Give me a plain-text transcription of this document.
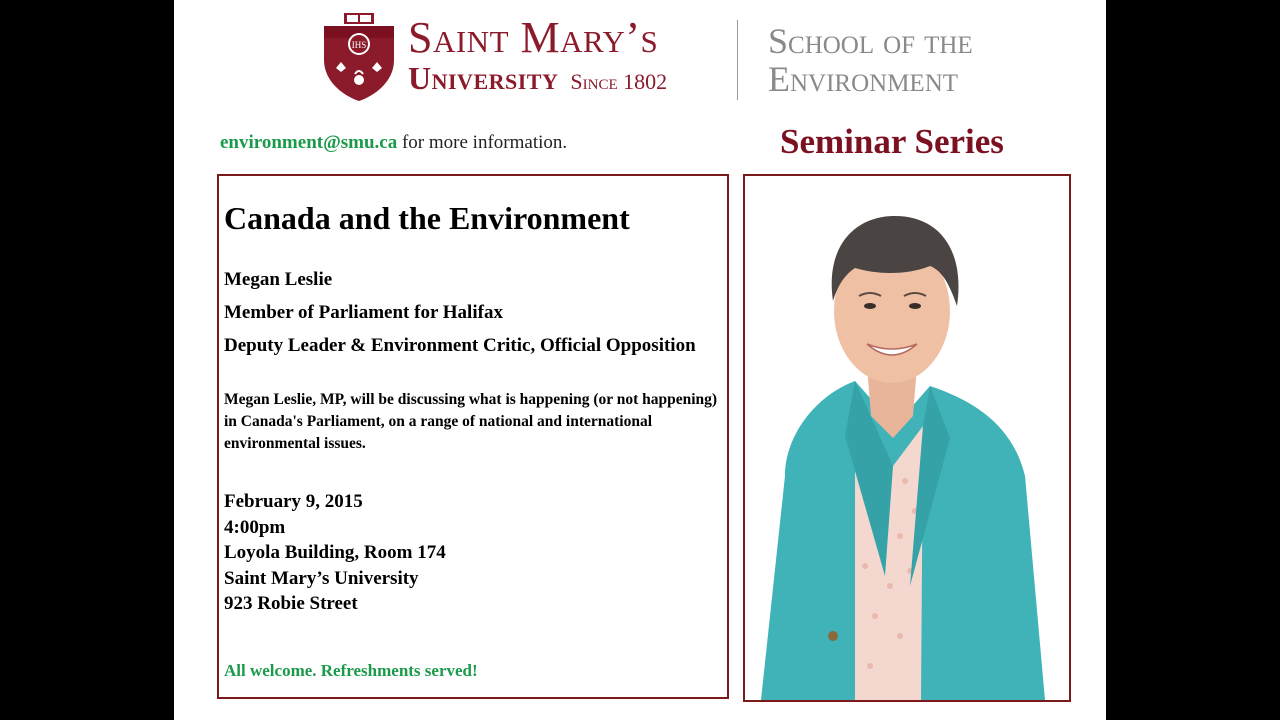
IHS Saint Mary’s
University Since 1802
School of the
Environment
environment@smu.ca for more information.	Seminar Series
Canada and the Environment
Megan Leslie
Member of Parliament for Halifax
Deputy Leader & Environment Critic, Official Opposition
Megan Leslie, MP, will be discussing what is happening (or not happening) in Canada's Parliament, on a range of national and international environmental issues.
February 9, 2015
4:00pm
Loyola Building, Room 174
Saint Mary’s University
923 Robie Street
All welcome. Refreshments served!
